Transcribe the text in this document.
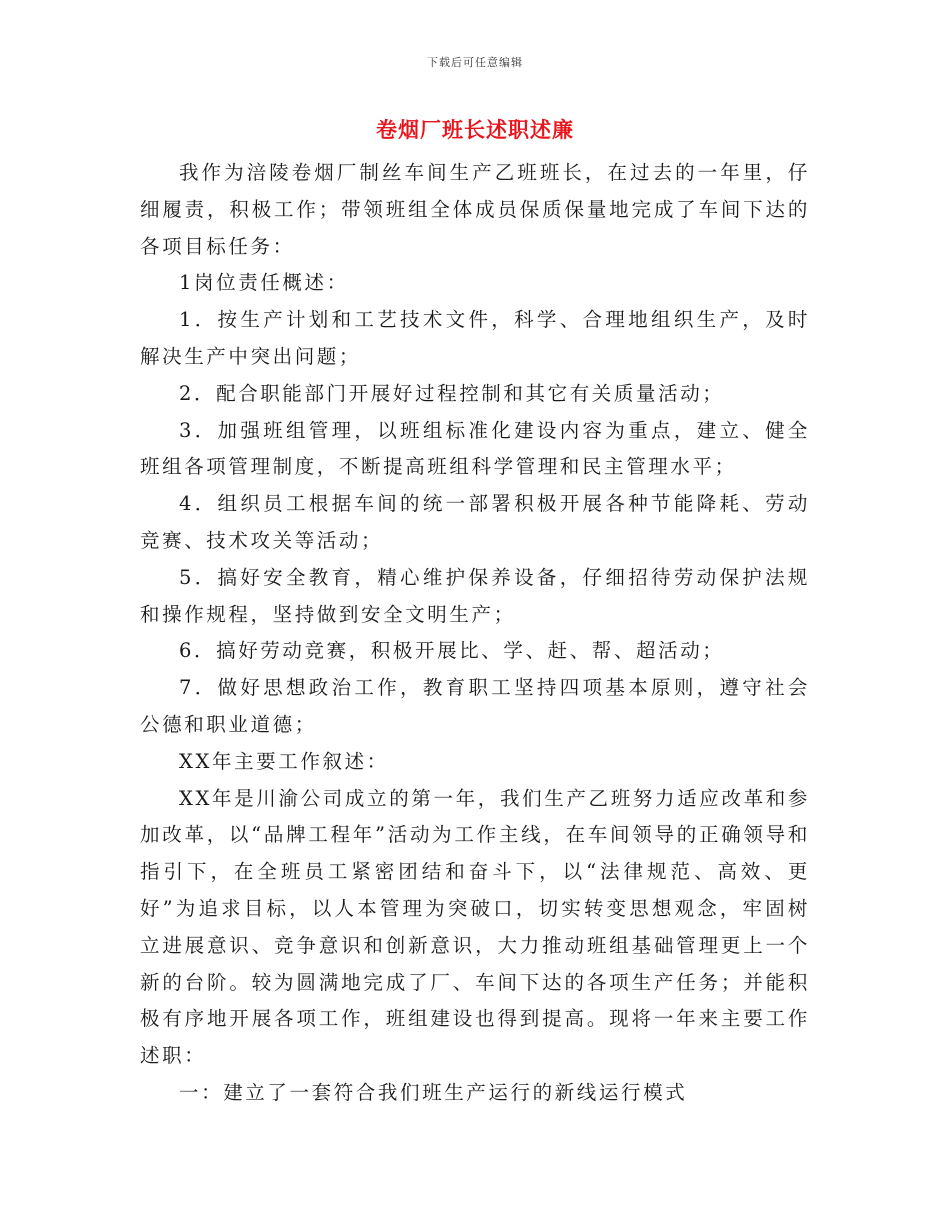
下载后可任意编辑
卷烟厂班长述职述廉

我作为涪陵卷烟厂制丝车间生产乙班班长，在过去的一年里，仔细履责，积极工作；带领班组全体成员保质保量地完成了车间下达的各项目标任务：

1岗位责任概述：

1．按生产计划和工艺技术文件，科学、合理地组织生产，及时解决生产中突出问题；

2．配合职能部门开展好过程控制和其它有关质量活动；

3．加强班组管理，以班组标准化建设内容为重点，建立、健全班组各项管理制度，不断提高班组科学管理和民主管理水平；

4．组织员工根据车间的统一部署积极开展各种节能降耗、劳动竞赛、技术攻关等活动；

5．搞好安全教育，精心维护保养设备，仔细招待劳动保护法规和操作规程，坚持做到安全文明生产；

6．搞好劳动竞赛，积极开展比、学、赶、帮、超活动；

7．做好思想政治工作，教育职工坚持四项基本原则，遵守社会公德和职业道德；

XX年主要工作叙述：

XX年是川渝公司成立的第一年，我们生产乙班努力适应改革和参加改革，以“品牌工程年”活动为工作主线，在车间领导的正确领导和指引下，在全班员工紧密团结和奋斗下，以“法律规范、高效、更好”为追求目标，以人本管理为突破口，切实转变思想观念，牢固树立进展意识、竞争意识和创新意识，大力推动班组基础管理更上一个新的台阶。较为圆满地完成了厂、车间下达的各项生产任务；并能积极有序地开展各项工作，班组建设也得到提高。现将一年来主要工作述职：

一：建立了一套符合我们班生产运行的新线运行模式
